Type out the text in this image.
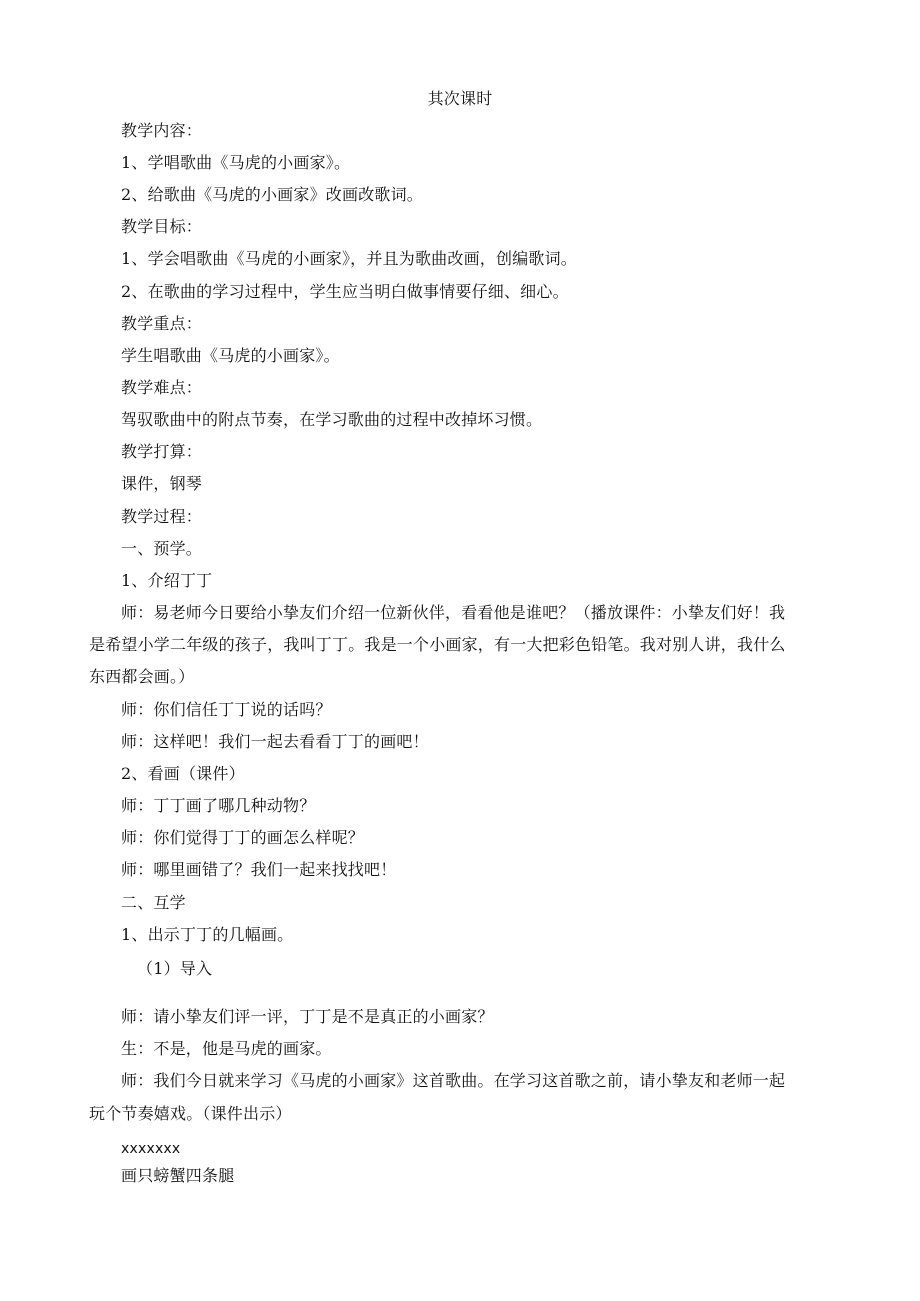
其次课时
教学内容：
1、学唱歌曲《马虎的小画家》。
2、给歌曲《马虎的小画家》改画改歌词。
教学目标：
1、学会唱歌曲《马虎的小画家》，并且为歌曲改画，创编歌词。
2、在歌曲的学习过程中，学生应当明白做事情要仔细、细心。
教学重点：
学生唱歌曲《马虎的小画家》。
教学难点：
驾驭歌曲中的附点节奏，在学习歌曲的过程中改掉坏习惯。
教学打算：
课件，钢琴
教学过程：
一、预学。
1、介绍丁丁
师：易老师今日要给小挚友们介绍一位新伙伴，看看他是谁吧？（播放课件：小挚友们好！我
是希望小学二年级的孩子，我叫丁丁。我是一个小画家，有一大把彩色铅笔。我对别人讲，我什么
东西都会画。）
师：你们信任丁丁说的话吗？
师：这样吧！我们一起去看看丁丁的画吧！
2、看画（课件）
师：丁丁画了哪几种动物？
师：你们觉得丁丁的画怎么样呢？
师：哪里画错了？我们一起来找找吧！
二、互学
1、出示丁丁的几幅画。
（1）导入
师：请小挚友们评一评，丁丁是不是真正的小画家？
生：不是，他是马虎的画家。
师：我们今日就来学习《马虎的小画家》这首歌曲。在学习这首歌之前，请小挚友和老师一起
玩个节奏嬉戏。（课件出示）
xxxxxxx
画只螃蟹四条腿
